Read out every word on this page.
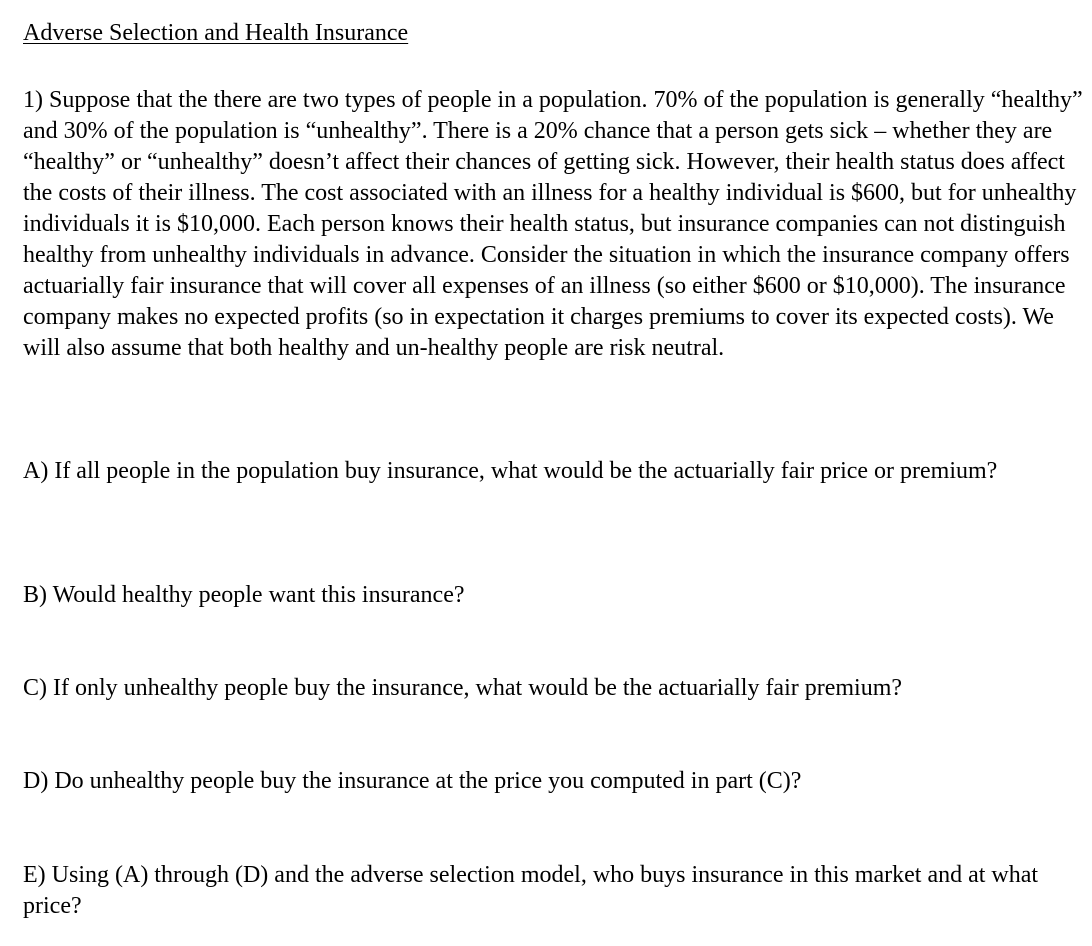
Adverse Selection and Health Insurance

1) Suppose that the there are two types of people in a population. 70% of the population is generally “healthy” and 30% of the population is “unhealthy”. There is a 20% chance that a person gets sick – whether they are “healthy” or “unhealthy” doesn’t affect their chances of getting sick. However, their health status does affect the costs of their illness. The cost associated with an illness for a healthy individual is $600, but for unhealthy individuals it is $10,000. Each person knows their health status, but insurance companies can not distinguish healthy from unhealthy individuals in advance. Consider the situation in which the insurance company offers actuarially fair insurance that will cover all expenses of an illness (so either $600 or $10,000). The insurance company makes no expected profits (so in expectation it charges premiums to cover its expected costs). We will also assume that both healthy and un-healthy people are risk neutral.

A) If all people in the population buy insurance, what would be the actuarially fair price or premium?

B) Would healthy people want this insurance?

C) If only unhealthy people buy the insurance, what would be the actuarially fair premium?

D) Do unhealthy people buy the insurance at the price you computed in part (C)?

E) Using (A) through (D) and the adverse selection model, who buys insurance in this market and at what price?
